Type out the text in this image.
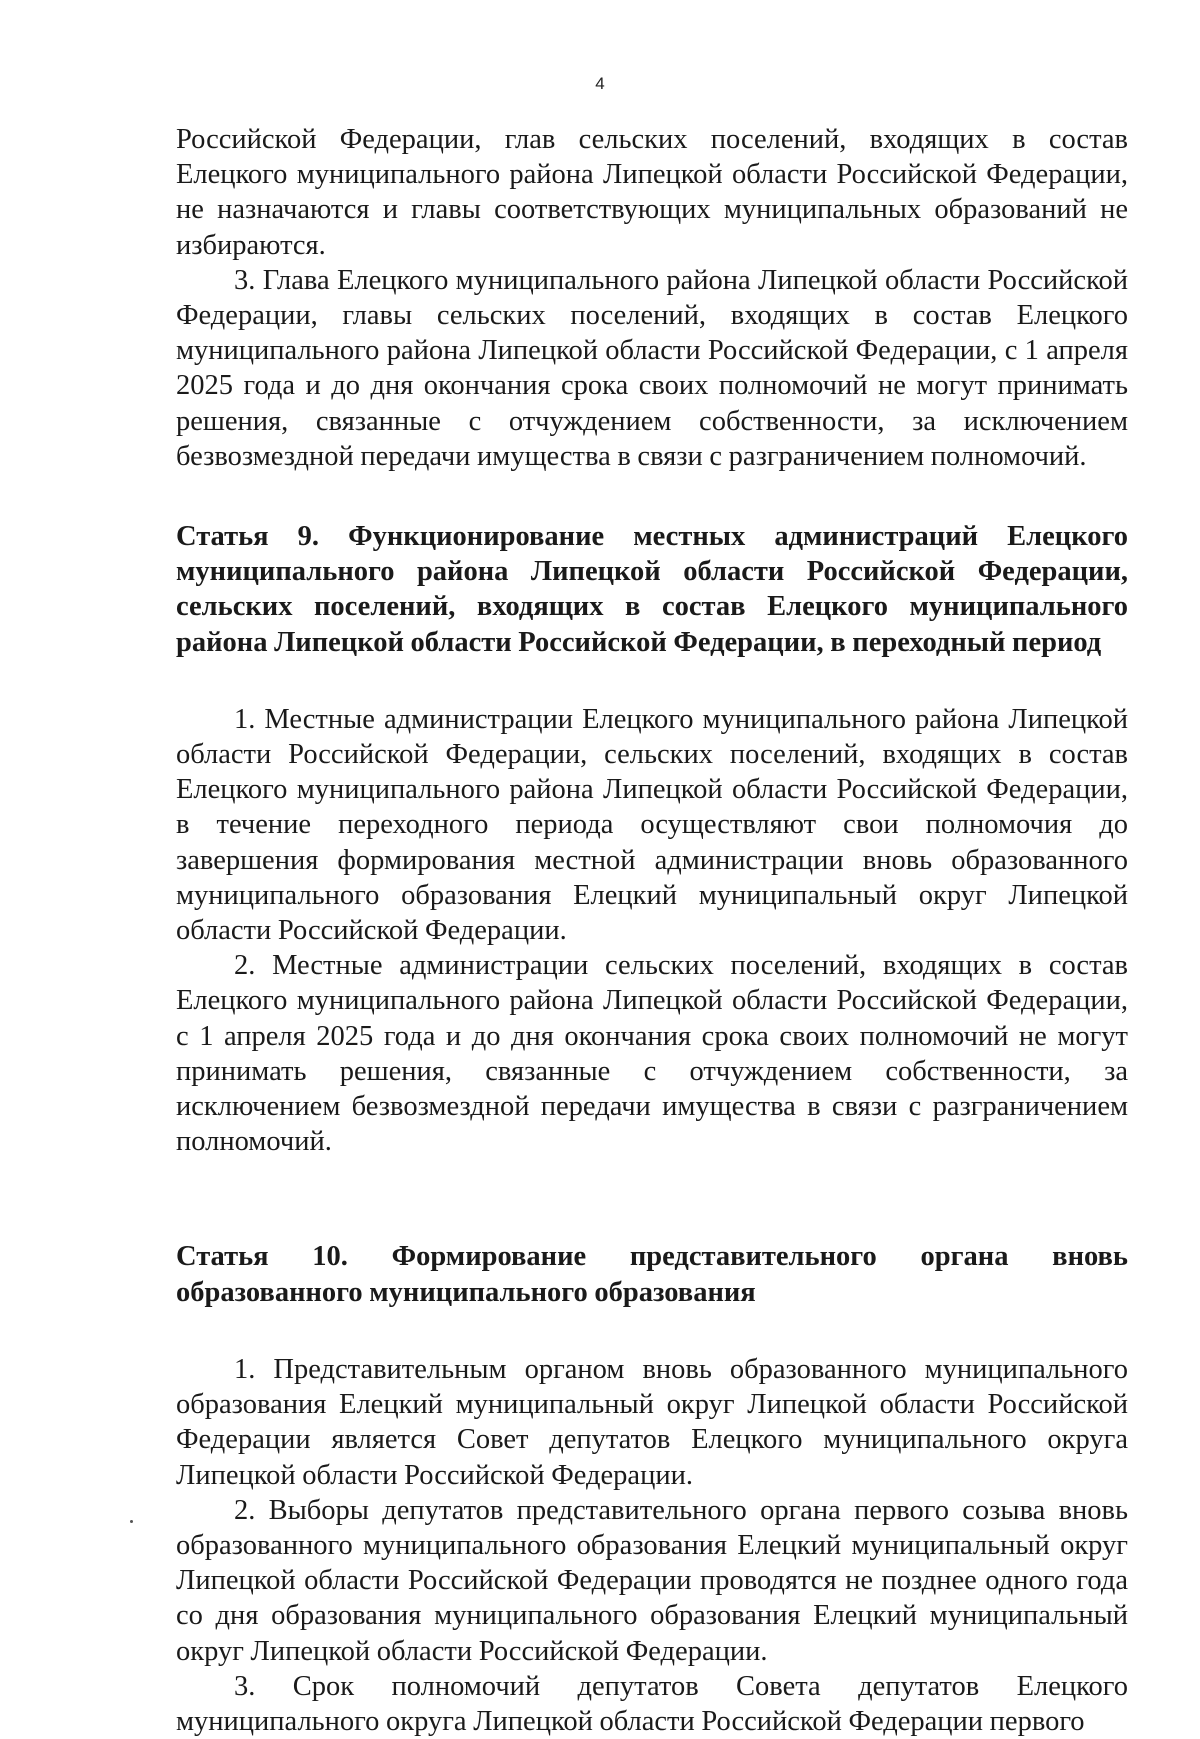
4

Российской Федерации, глав сельских поселений, входящих в состав Елецкого муниципального района Липецкой области Российской Федерации, не назначаются и главы соответствующих муниципальных образований не избираются.

3. Глава Елецкого муниципального района Липецкой области Российской Федерации, главы сельских поселений, входящих в состав Елецкого муниципального района Липецкой области Российской Федерации, с 1 апреля 2025 года и до дня окончания срока своих полномочий не могут принимать решения, связанные с отчуждением собственности, за исключением безвозмездной передачи имущества в связи с разграничением полномочий.

Статья 9. Функционирование местных администраций Елецкого муниципального района Липецкой области Российской Федерации, сельских поселений, входящих в состав Елецкого муниципального района Липецкой области Российской Федерации, в переходный период

1. Местные администрации Елецкого муниципального района Липецкой области Российской Федерации, сельских поселений, входящих в состав Елецкого муниципального района Липецкой области Российской Федерации, в течение переходного периода осуществляют свои полномочия до завершения формирования местной администрации вновь образованного муниципального образования Елецкий муниципальный округ Липецкой области Российской Федерации.

2. Местные администрации сельских поселений, входящих в состав Елецкого муниципального района Липецкой области Российской Федерации, с 1 апреля 2025 года и до дня окончания срока своих полномочий не могут принимать решения, связанные с отчуждением собственности, за исключением безвозмездной передачи имущества в связи с разграничением полномочий.

Статья 10. Формирование представительного органа вновь образованного муниципального образования

1. Представительным органом вновь образованного муниципального образования Елецкий муниципальный округ Липецкой области Российской Федерации является Совет депутатов Елецкого муниципального округа Липецкой области Российской Федерации.

2. Выборы депутатов представительного органа первого созыва вновь образованного муниципального образования Елецкий муниципальный округ Липецкой области Российской Федерации проводятся не позднее одного года со дня образования муниципального образования Елецкий муниципальный округ Липецкой области Российской Федерации.

3. Срок полномочий депутатов Совета депутатов Елецкого муниципального округа Липецкой области Российской Федерации первого
